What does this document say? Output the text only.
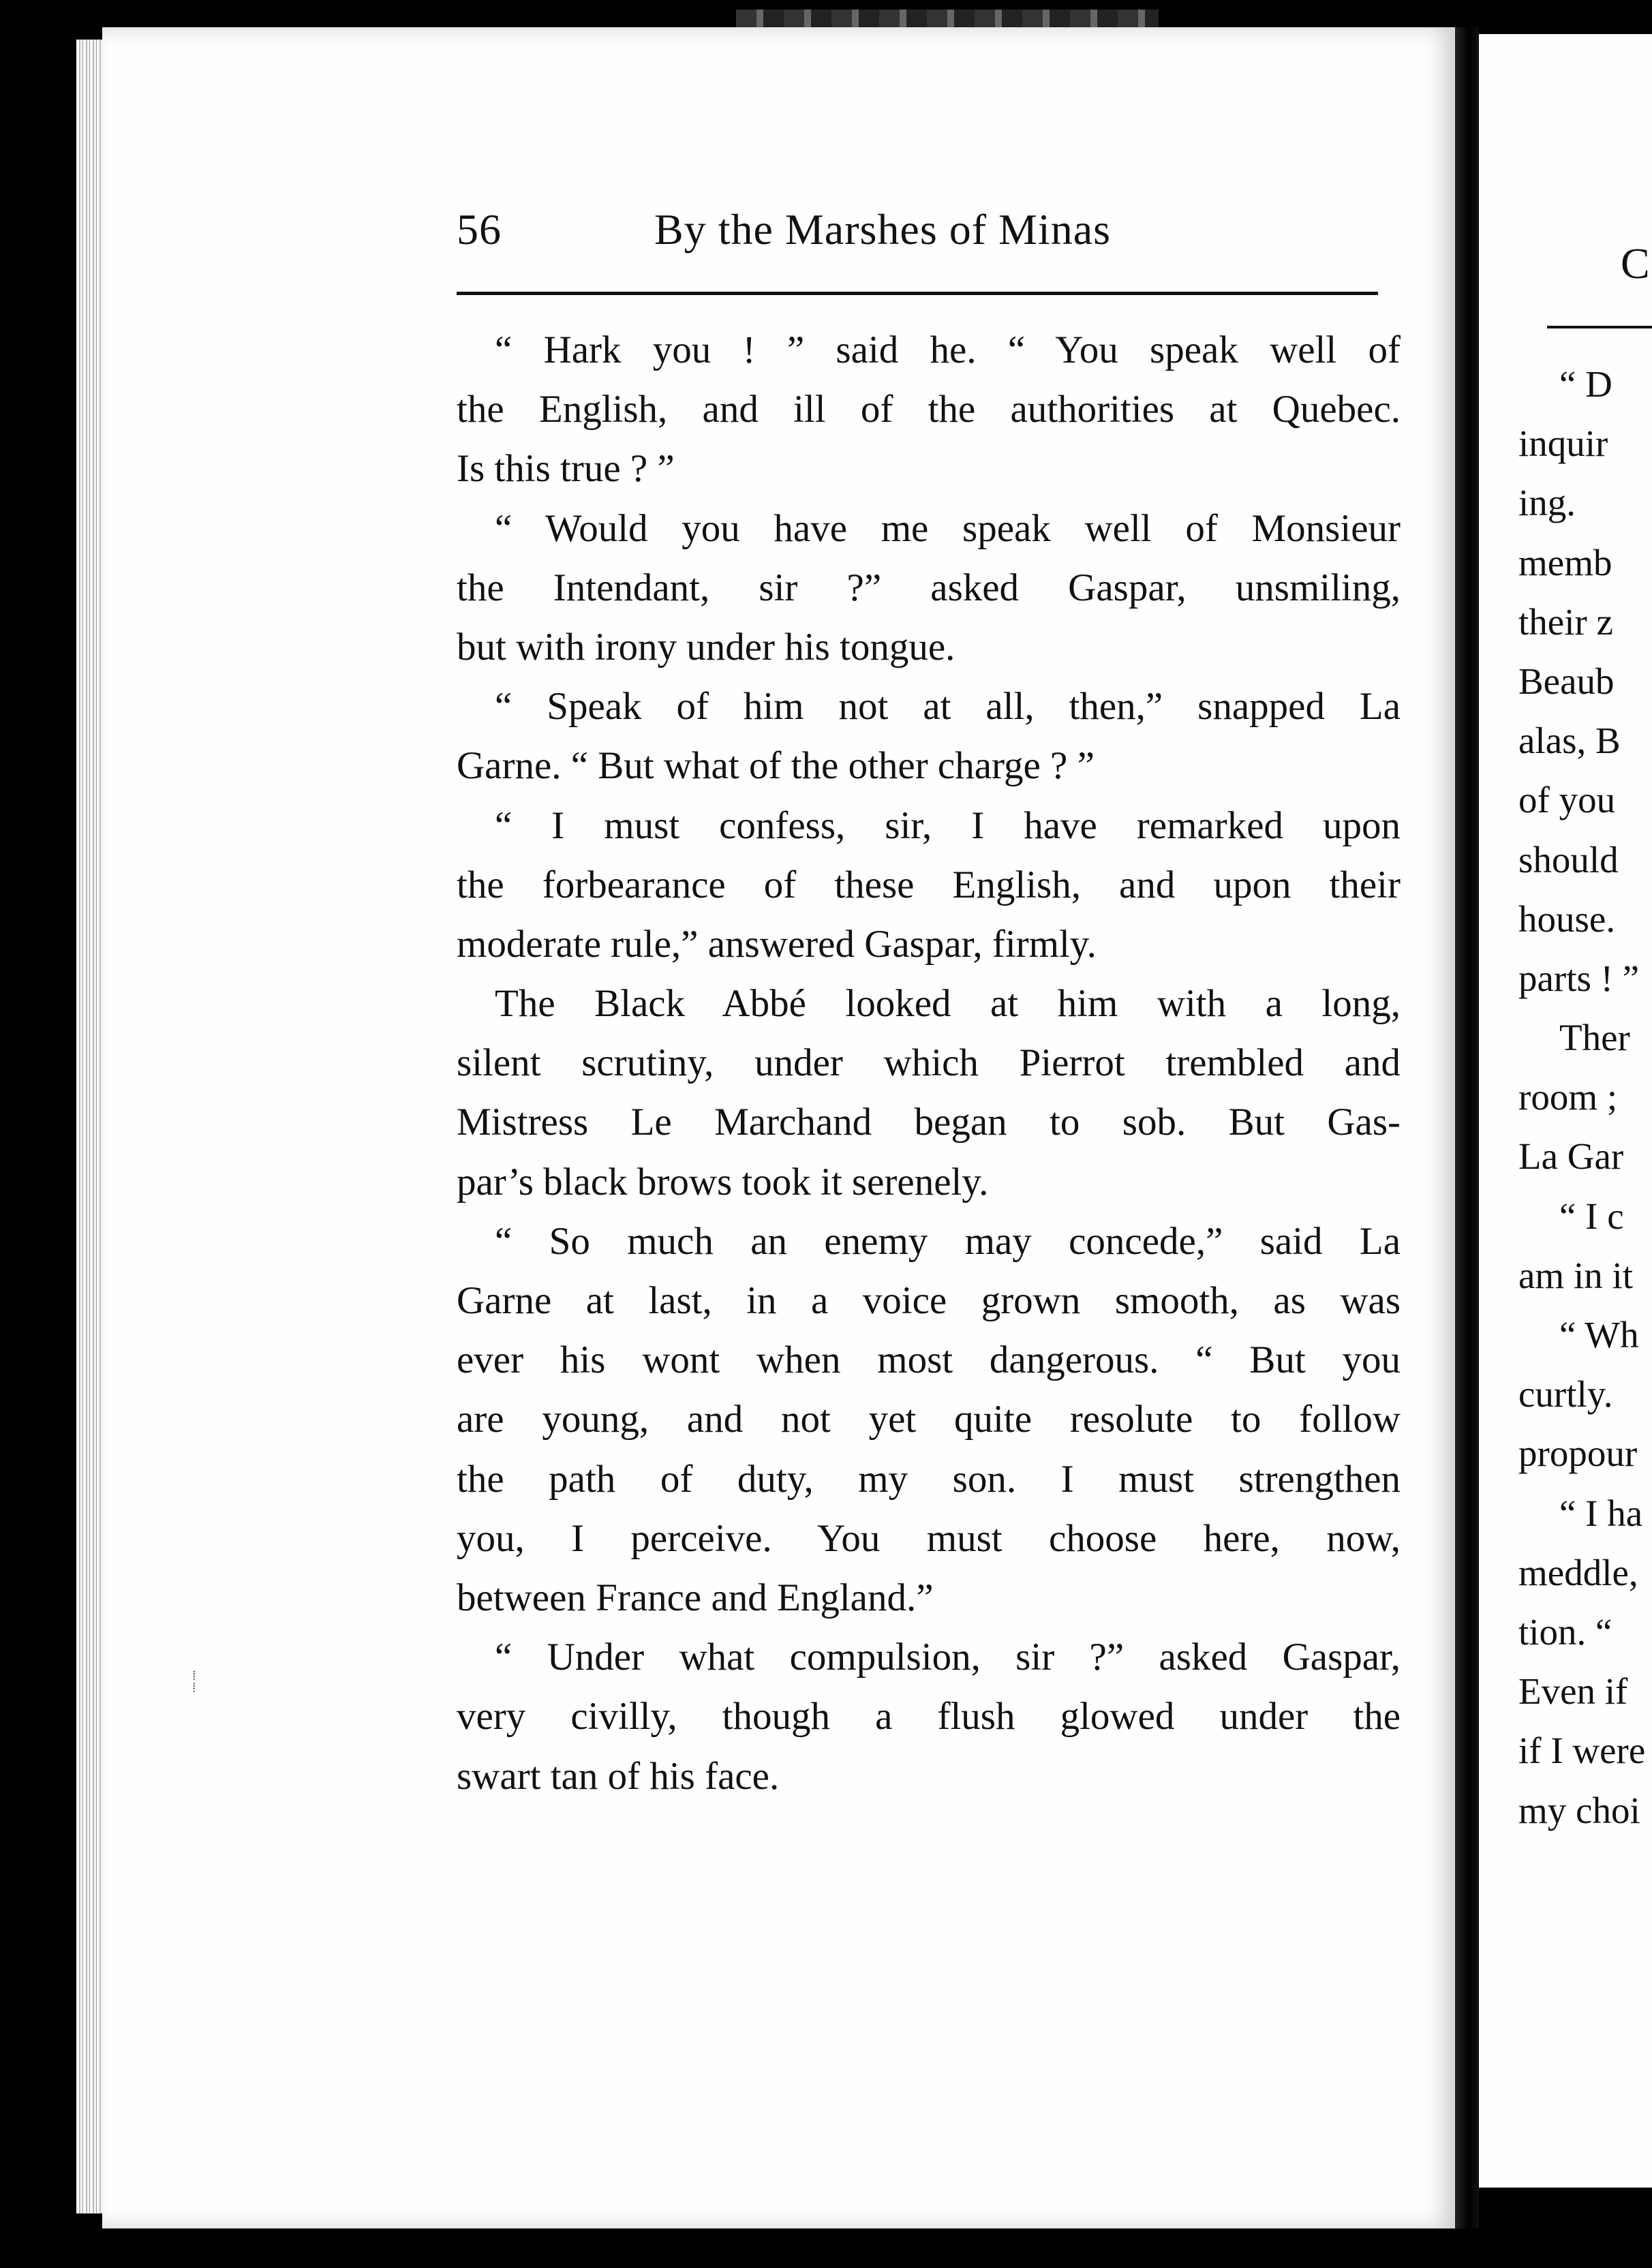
C
“ D
inquir
ing.
memb
their z
Beaub
alas, B
of you
should
house.
parts ! ”
Ther
room ;
La Gar
“ I c
am in it
“ Wh
curtly.
propour
“ I ha
meddle,
tion. “
Even if
if I were
my choi
56	By the Marshes of Minas
“ Hark you ! ” said he. “ You speak well of
the English, and ill of the authorities at Quebec.
Is this true ? ”
“ Would you have me speak well of Monsieur
the Intendant, sir ?” asked Gaspar, unsmiling,
but with irony under his tongue.
“ Speak of him not at all, then,” snapped La
Garne. “ But what of the other charge ? ”
“ I must confess, sir, I have remarked upon
the forbearance of these English, and upon their
moderate rule,” answered Gaspar, firmly.
The Black Abbé looked at him with a long,
silent scrutiny, under which Pierrot trembled and
Mistress Le Marchand began to sob. But Gas-
par’s black brows took it serenely.
“ So much an enemy may concede,” said La
Garne at last, in a voice grown smooth, as was
ever his wont when most dangerous. “ But you
are young, and not yet quite resolute to follow
the path of duty, my son. I must strengthen
you, I perceive. You must choose here, now,
between France and England.”
“ Under what compulsion, sir ?” asked Gaspar,
very civilly, though a flush glowed under the
swart tan of his face.
⁞
⁞
